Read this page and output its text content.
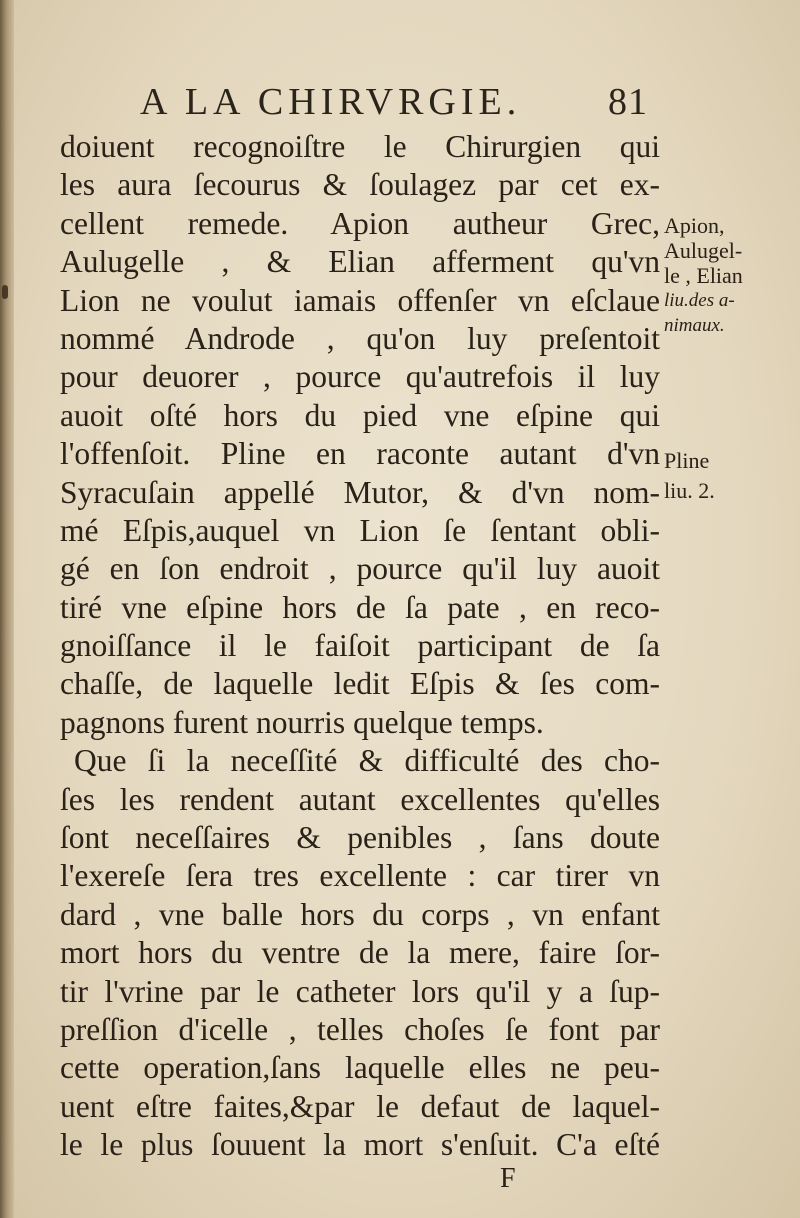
A LA CHIRVRGIE. 81
doiuent recognoiſtre le Chirurgien qui
les aura ſecourus & ſoulagez par cet ex-
cellent remede. Apion autheur Grec,
Aulugelle , & Elian afferment qu'vn
Lion ne voulut iamais offenſer vn eſclaue
nommé Androde , qu'on luy preſentoit
pour deuorer , pource qu'autrefois il luy
auoit oſté hors du pied vne eſpine qui
l'offenſoit. Pline en raconte autant d'vn
Syracuſain appellé Mutor, & d'vn nom-
mé Eſpis,auquel vn Lion ſe ſentant obli-
gé en ſon endroit , pource qu'il luy auoit
tiré vne eſpine hors de ſa pate , en reco-
gnoiſſance il le faiſoit participant de ſa
chaſſe, de laquelle ledit Eſpis & ſes com-
pagnons furent nourris quelque temps.
Que ſi la neceſſité & difficulté des cho-
ſes les rendent autant excellentes qu'elles
ſont neceſſaires & penibles , ſans doute
l'exereſe ſera tres excellente : car tirer vn
dard , vne balle hors du corps , vn enfant
mort hors du ventre de la mere, faire ſor-
tir l'vrine par le catheter lors qu'il y a ſup-
preſſion d'icelle , telles choſes ſe font par
cette operation,ſans laquelle elles ne peu-
uent eſtre faites,&par le defaut de laquel-
le le plus ſouuent la mort s'enſuit. C'a eſté
Apion,
Aulugel-
le , Elian
liu.des a-
nimaux.
Pline
liu. 2.
F
